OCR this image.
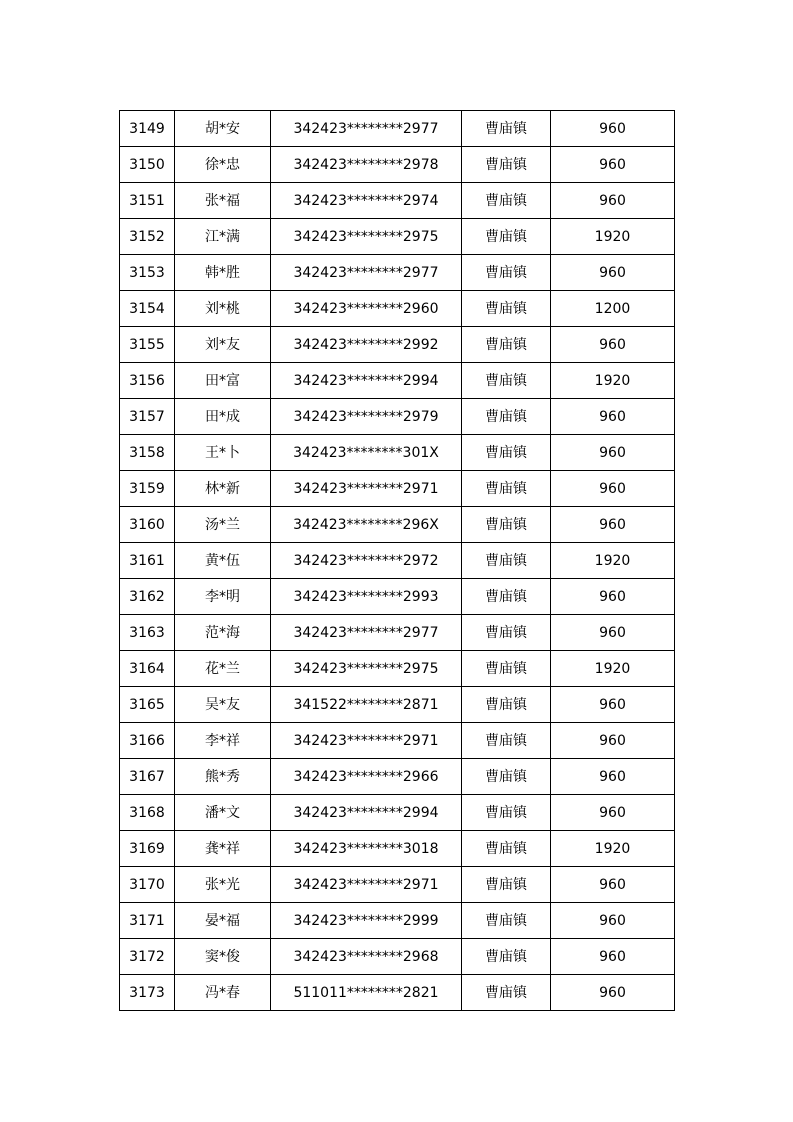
3149	胡*安	342423********2977	曹庙镇	960
3150	徐*忠	342423********2978	曹庙镇	960
3151	张*福	342423********2974	曹庙镇	960
3152	江*满	342423********2975	曹庙镇	1920
3153	韩*胜	342423********2977	曹庙镇	960
3154	刘*桃	342423********2960	曹庙镇	1200
3155	刘*友	342423********2992	曹庙镇	960
3156	田*富	342423********2994	曹庙镇	1920
3157	田*成	342423********2979	曹庙镇	960
3158	王*卜	342423********301X	曹庙镇	960
3159	林*新	342423********2971	曹庙镇	960
3160	汤*兰	342423********296X	曹庙镇	960
3161	黄*伍	342423********2972	曹庙镇	1920
3162	李*明	342423********2993	曹庙镇	960
3163	范*海	342423********2977	曹庙镇	960
3164	花*兰	342423********2975	曹庙镇	1920
3165	吴*友	341522********2871	曹庙镇	960
3166	李*祥	342423********2971	曹庙镇	960
3167	熊*秀	342423********2966	曹庙镇	960
3168	潘*文	342423********2994	曹庙镇	960
3169	龚*祥	342423********3018	曹庙镇	1920
3170	张*光	342423********2971	曹庙镇	960
3171	晏*福	342423********2999	曹庙镇	960
3172	窦*俊	342423********2968	曹庙镇	960
3173	冯*春	511011********2821	曹庙镇	960
